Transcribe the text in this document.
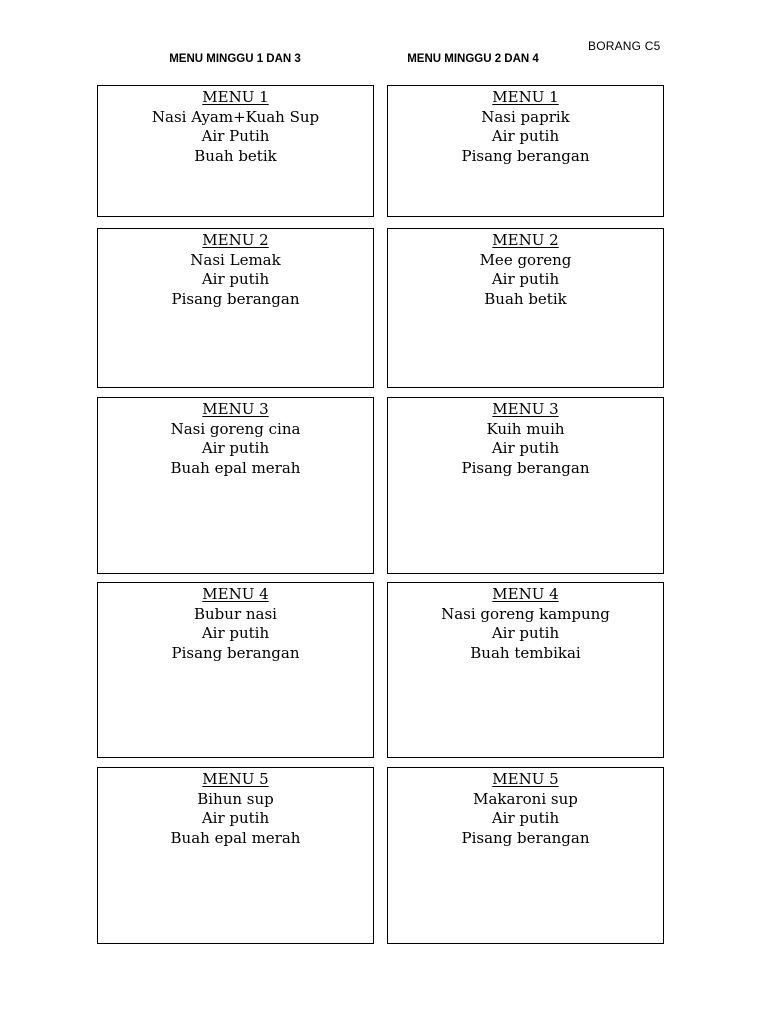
BORANG C5
MENU MINGGU 1 DAN 3	MENU MINGGU 2 DAN 4
MENU 1
Nasi Ayam+Kuah Sup
Air Putih
Buah betik
MENU 2
Nasi Lemak
Air putih
Pisang berangan
MENU 3
Nasi goreng cina
Air putih
Buah epal merah
MENU 4
Bubur nasi
Air putih
Pisang berangan
MENU 5
Bihun sup
Air putih
Buah epal merah
MENU 1
Nasi paprik
Air putih
Pisang berangan
MENU 2
Mee goreng
Air putih
Buah betik
MENU 3
Kuih muih
Air putih
Pisang berangan
MENU 4
Nasi goreng kampung
Air putih
Buah tembikai
MENU 5
Makaroni sup
Air putih
Pisang berangan
